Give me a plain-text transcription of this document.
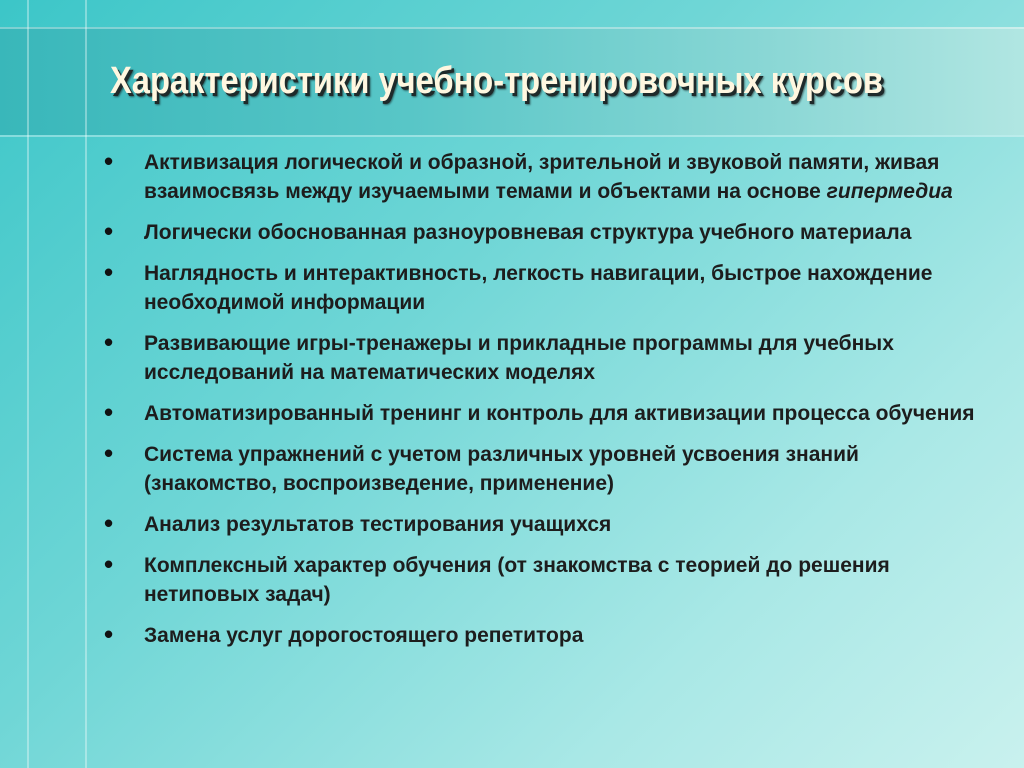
Характеристики учебно-тренировочных курсов
• Активизация логической и образной, зрительной и звуковой памяти, живая взаимосвязь между изучаемыми темами и объектами на основе гипермедиа
• Логически обоснованная разноуровневая структура учебного материала
• Наглядность и интерактивность, легкость навигации, быстрое нахождение необходимой информации
• Развивающие игры-тренажеры и прикладные программы для учебных исследований на математических моделях
• Автоматизированный тренинг и контроль для активизации процесса обучения
• Система упражнений с учетом различных уровней усвоения знаний (знакомство, воспроизведение, применение)
• Анализ результатов тестирования учащихся
• Комплексный характер обучения (от знакомства с теорией до решения нетиповых задач)
• Замена услуг дорогостоящего репетитора
